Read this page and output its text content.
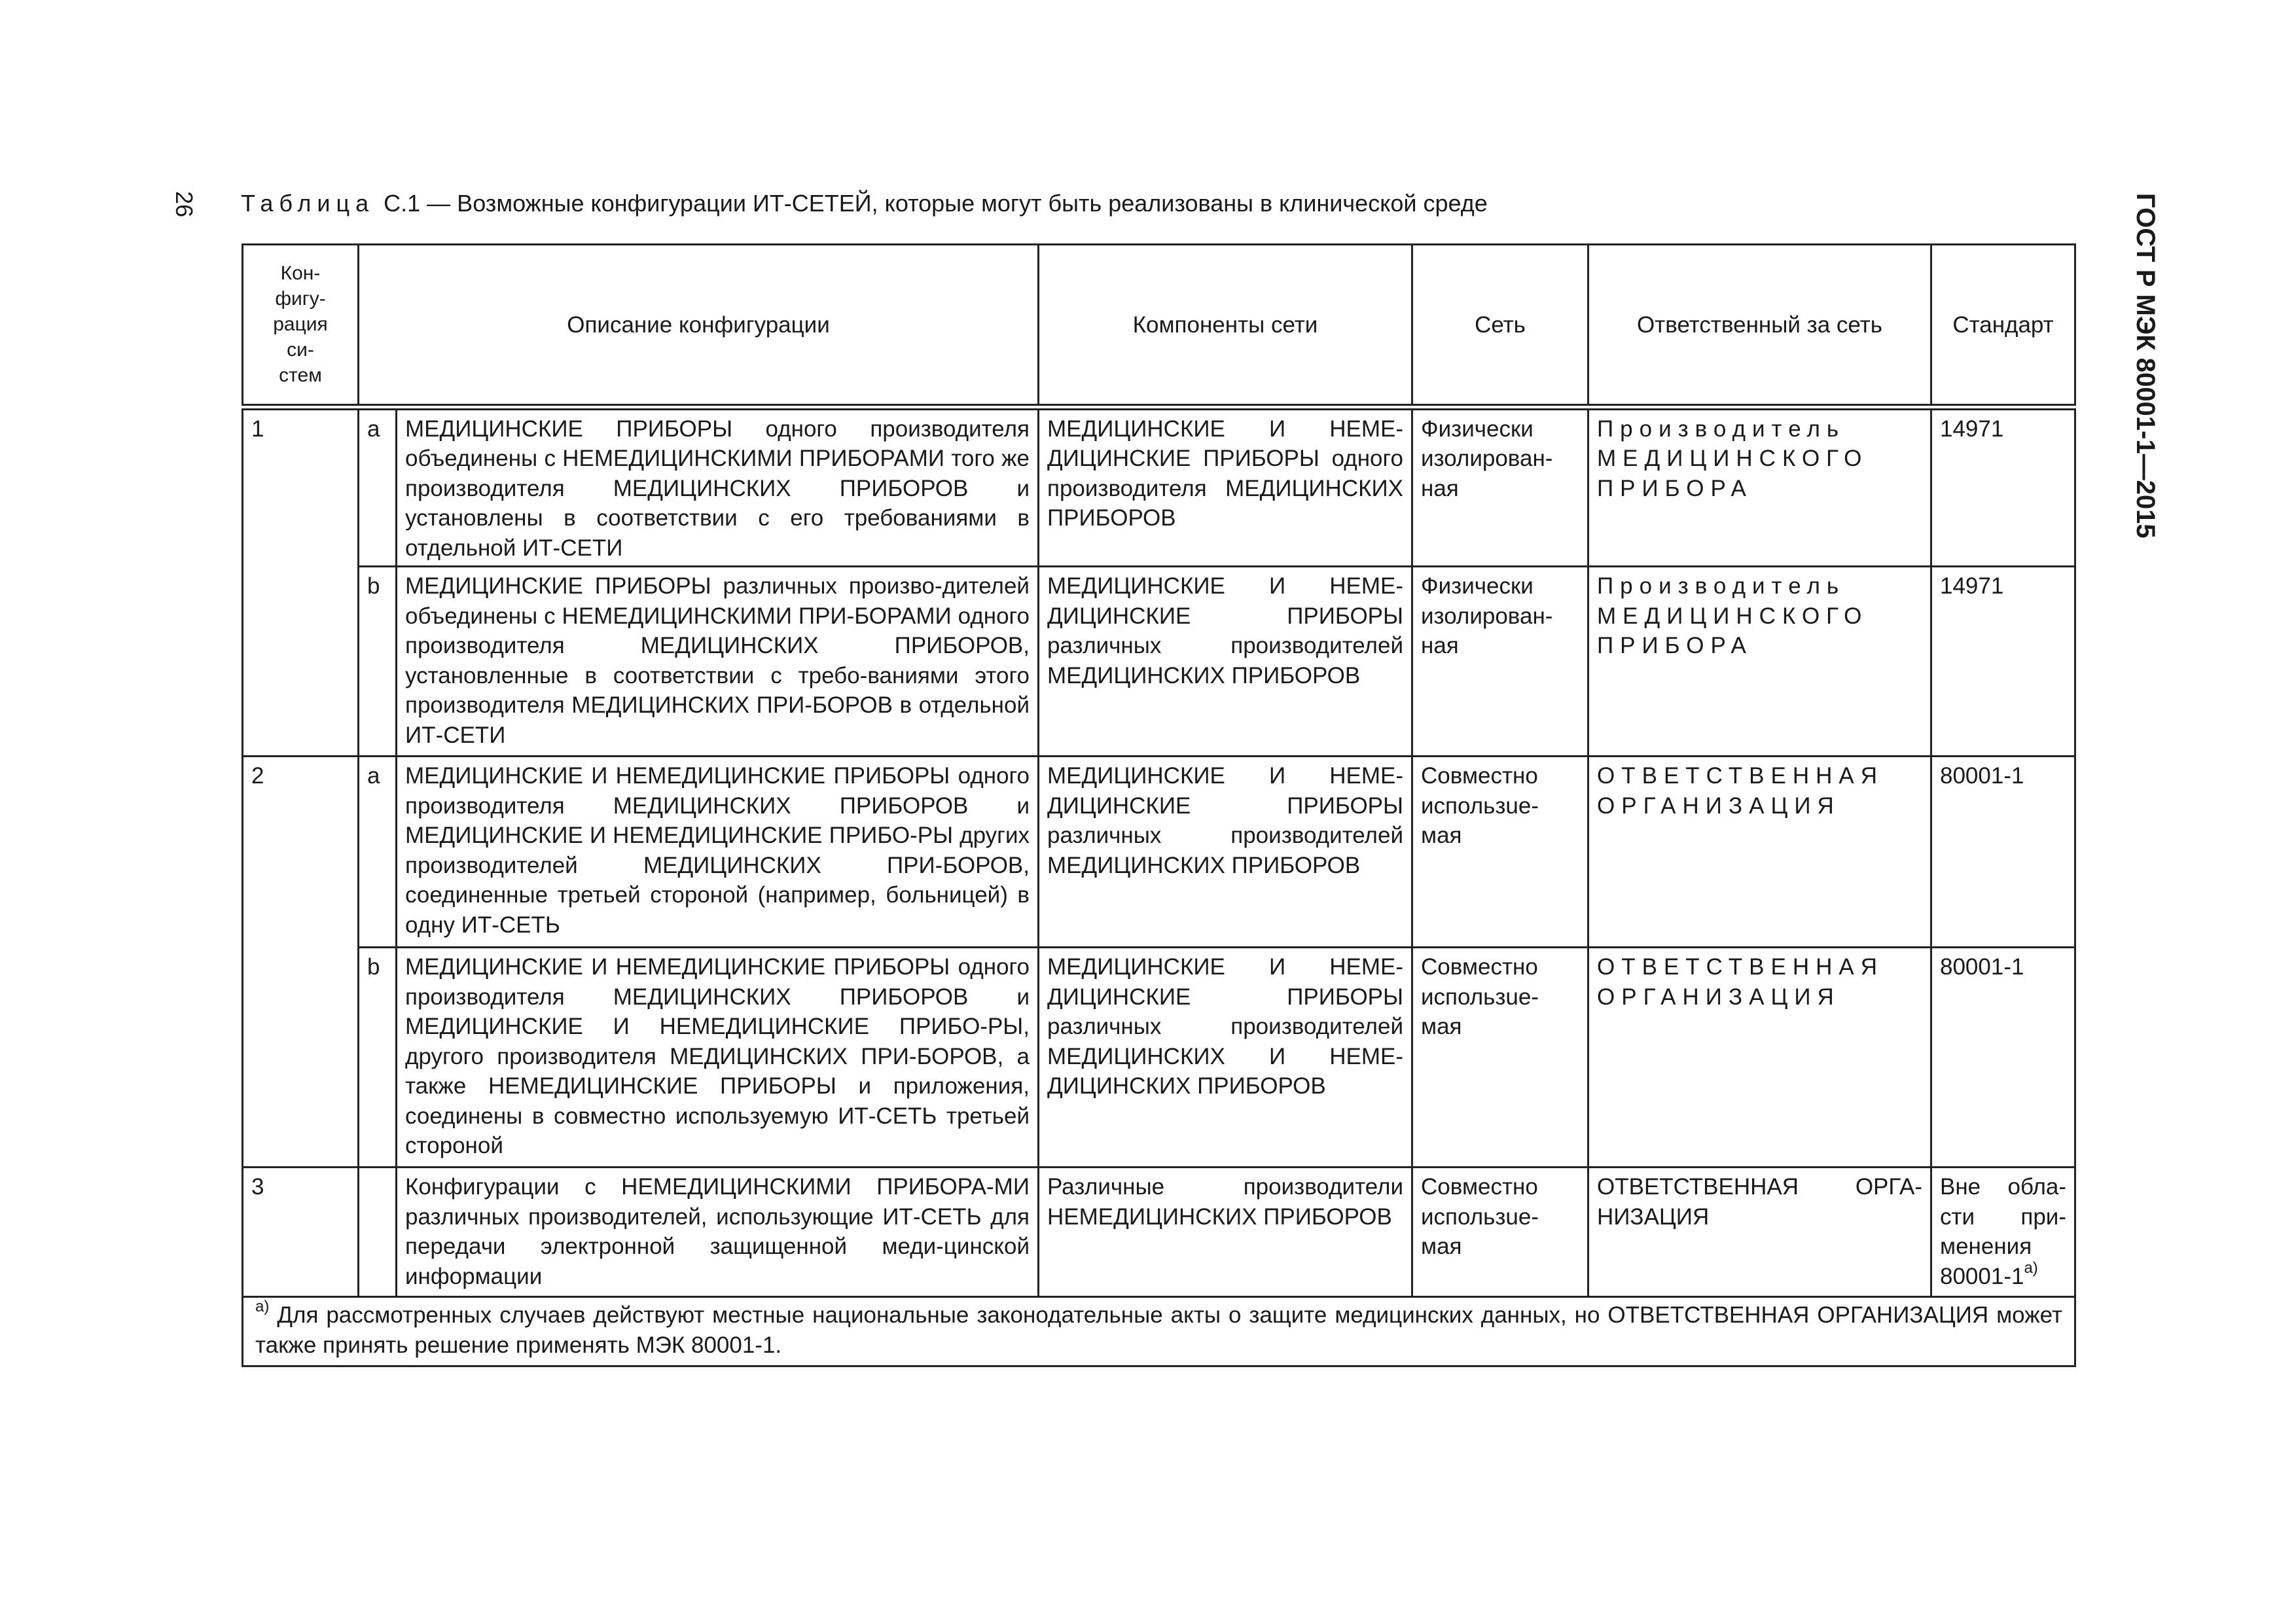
26	ГОСТ Р МЭК 80001-1—2015
Таблица С.1 — Возможные конфигурации ИТ-СЕТЕЙ, которые могут быть реализованы в клинической среде
Кон-
фигу-
рация
си-
стем	Описание конфигурации		Компоненты сети	Сеть	Ответственный за сеть	Стандарт
1	a	МЕДИЦИНСКИЕ ПРИБОРЫ одного производителя объединены с НЕМЕДИЦИНСКИМИ ПРИБОРАМИ того же производителя МЕДИЦИНСКИХ ПРИБОРОВ и установлены в соответствии с его требованиями в отдельной ИТ-СЕТИ	МЕДИЦИНСКИЕ И НЕМЕ-ДИЦИНСКИЕ ПРИБОРЫ одного производителя МЕДИЦИНСКИХ ПРИБОРОВ	Физически изолирован-ная	Производитель МЕДИЦИНСКОГО ПРИБОРА	14971
	b	МЕДИЦИНСКИЕ ПРИБОРЫ различных произво-дителей объединены с НЕМЕДИЦИНСКИМИ ПРИ-БОРАМИ одного производителя МЕДИЦИНСКИХ ПРИБОРОВ, установленные в соответствии с требо-ваниями этого производителя МЕДИЦИНСКИХ ПРИ-БОРОВ в отдельной ИТ-СЕТИ	МЕДИЦИНСКИЕ И НЕМЕ-ДИЦИНСКИЕ ПРИБОРЫ различных производителей МЕДИЦИНСКИХ ПРИБОРОВ	Физически изолирован-ная	Производитель МЕДИЦИНСКОГО ПРИБОРА	14971
2	a	МЕДИЦИНСКИЕ И НЕМЕДИЦИНСКИЕ ПРИБОРЫ одного производителя МЕДИЦИНСКИХ ПРИБОРОВ и МЕДИЦИНСКИЕ И НЕМЕДИЦИНСКИЕ ПРИБО-РЫ других производителей МЕДИЦИНСКИХ ПРИ-БОРОВ, соединенные третьей стороной (например, больницей) в одну ИТ-СЕТЬ	МЕДИЦИНСКИЕ И НЕМЕ-ДИЦИНСКИЕ ПРИБОРЫ различных производителей МЕДИЦИНСКИХ ПРИБОРОВ	Совместно использue-мая	ОТВЕТСТВЕННАЯ ОРГАНИЗАЦИЯ	80001-1
	b	МЕДИЦИНСКИЕ И НЕМЕДИЦИНСКИЕ ПРИБОРЫ одного производителя МЕДИЦИНСКИХ ПРИБОРОВ и МЕДИЦИНСКИЕ И НЕМЕДИЦИНСКИЕ ПРИБО-РЫ, другого производителя МЕДИЦИНСКИХ ПРИ-БОРОВ, а также НЕМЕДИЦИНСКИЕ ПРИБОРЫ и приложения, соединены в совместно используемую ИТ-СЕТЬ третьей стороной	МЕДИЦИНСКИЕ И НЕМЕ-ДИЦИНСКИЕ ПРИБОРЫ различных производителей МЕДИЦИНСКИХ И НЕМЕ-ДИЦИНСКИХ ПРИБОРОВ	Совместно использue-мая	ОТВЕТСТВЕННАЯ ОРГАНИЗАЦИЯ	80001-1
3		Конфигурации с НЕМЕДИЦИНСКИМИ ПРИБОРА-МИ различных производителей, использующие ИТ-СЕТЬ для передачи электронной защищенной меди-цинской информации	Различные производители НЕМЕДИЦИНСКИХ ПРИБОРОВ	Совместно использue-мая	ОТВЕТСТВЕННАЯ ОРГА-НИЗАЦИЯ	Вне обла-сти при-менения $80001-1^{а)}$

$^{а)}$ Для рассмотренных случаев действуют местные национальные законодательные акты о защите медицинских данных, но ОТВЕТСТВЕННАЯ ОРГАНИЗАЦИЯ может также принять решение применять МЭК 80001-1.						
